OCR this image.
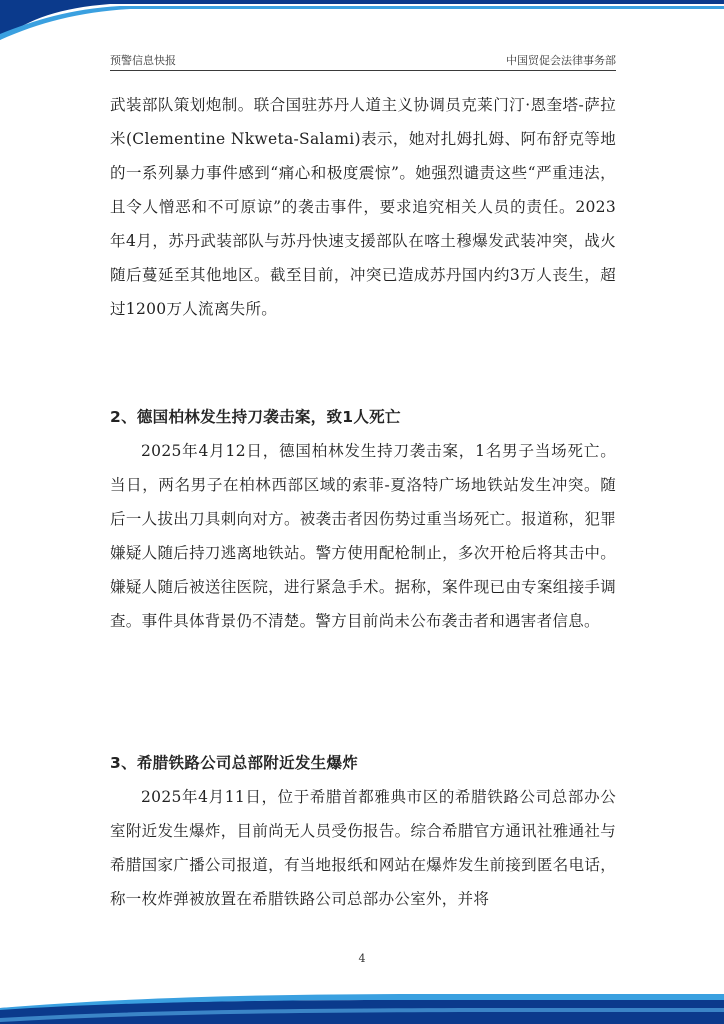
预警信息快报	中国贸促会法律事务部

武装部队策划炮制。联合国驻苏丹人道主义协调员克莱门汀·恩奎塔-萨拉米(Clementine Nkweta-Salami)表示，她对扎姆扎姆、阿布舒克等地的一系列暴力事件感到“痛心和极度震惊”。她强烈谴责这些“严重违法，且令人憎恶和不可原谅”的袭击事件，要求追究相关人员的责任。2023年4月，苏丹武装部队与苏丹快速支援部队在喀土穆爆发武装冲突，战火随后蔓延至其他地区。截至目前，冲突已造成苏丹国内约3万人丧生，超过1200万人流离失所。

2、德国柏林发生持刀袭击案，致1人死亡

2025年4月12日，德国柏林发生持刀袭击案，1名男子当场死亡。当日，两名男子在柏林西部区域的索菲-夏洛特广场地铁站发生冲突。随后一人拔出刀具刺向对方。被袭击者因伤势过重当场死亡。报道称，犯罪嫌疑人随后持刀逃离地铁站。警方使用配枪制止，多次开枪后将其击中。嫌疑人随后被送往医院，进行紧急手术。据称，案件现已由专案组接手调查。事件具体背景仍不清楚。警方目前尚未公布袭击者和遇害者信息。

3、希腊铁路公司总部附近发生爆炸

2025年4月11日，位于希腊首都雅典市区的希腊铁路公司总部办公室附近发生爆炸，目前尚无人员受伤报告。综合希腊官方通讯社雅通社与希腊国家广播公司报道，有当地报纸和网站在爆炸发生前接到匿名电话，称一枚炸弹被放置在希腊铁路公司总部办公室外，并将

4
